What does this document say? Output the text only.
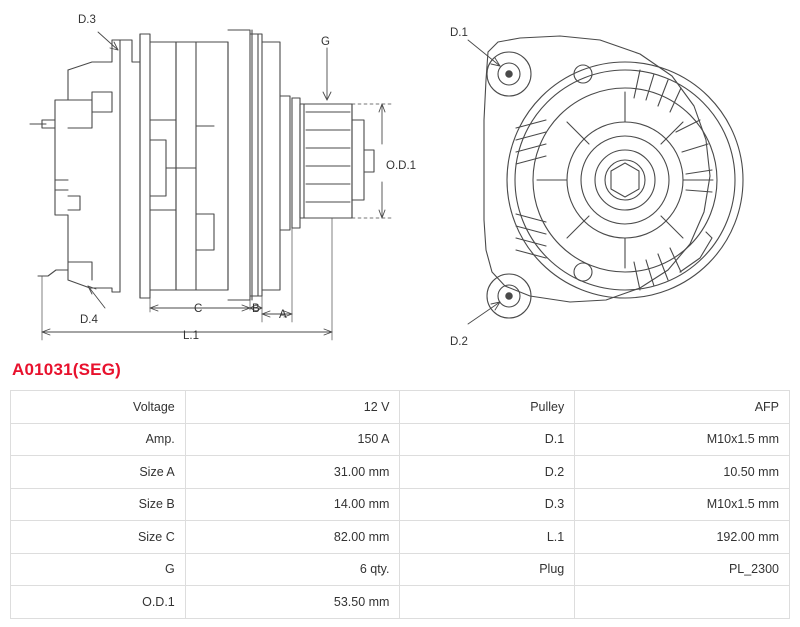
D.3
G
O.D.1
D.4
C	B A
L.1
D.1
D.2
A01031(SEG)
Voltage	12 V	Pulley	AFP
Amp.	150 A	D.1	M10x1.5 mm
Size A	31.00 mm	D.2	10.50 mm
Size B	14.00 mm	D.3	M10x1.5 mm
Size C	82.00 mm	L.1	192.00 mm
G	6 qty.	Plug	PL_2300
O.D.1	53.50 mm		
